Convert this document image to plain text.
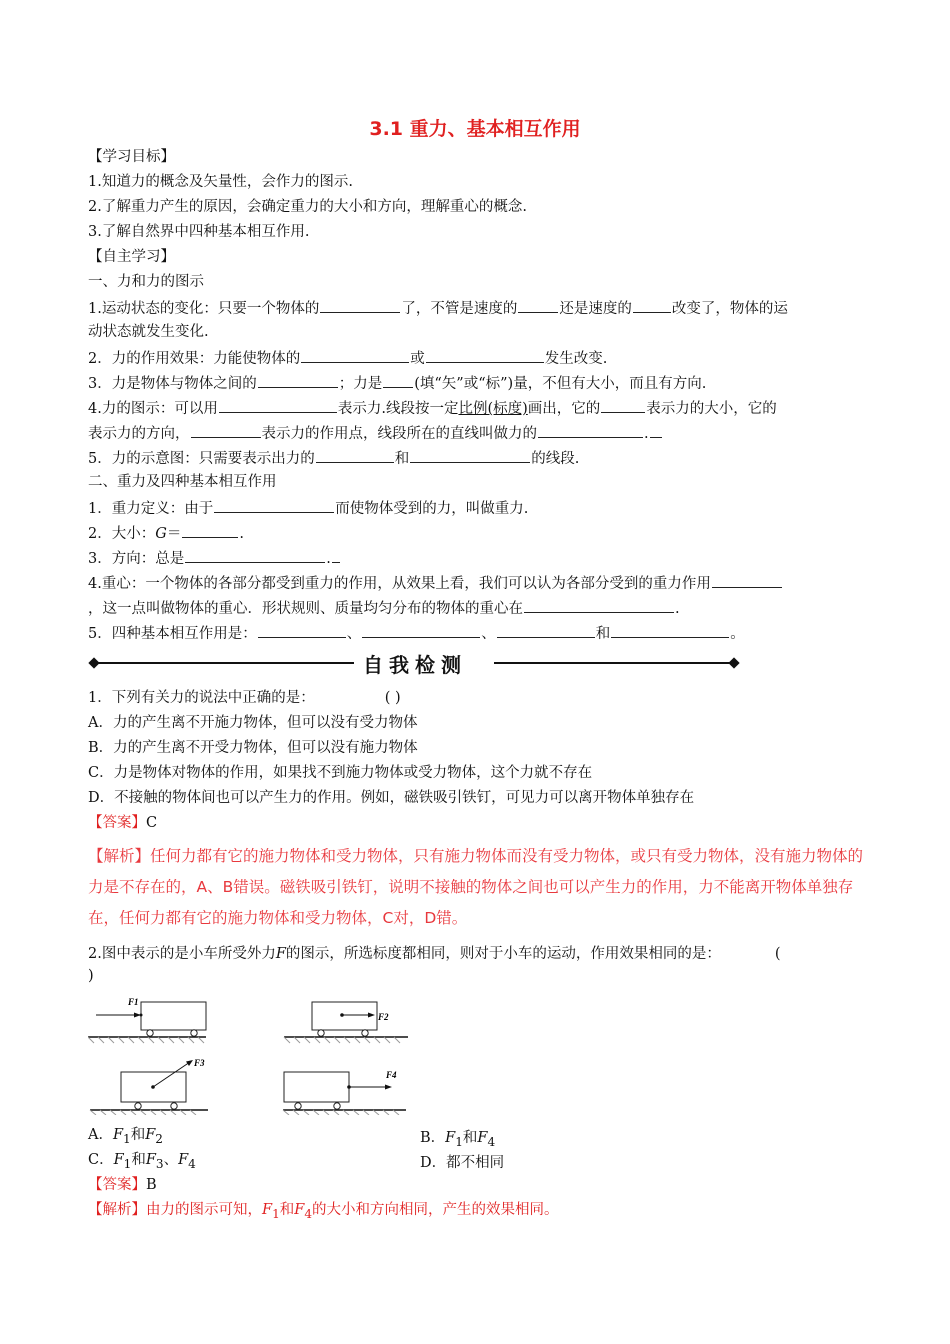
3.1 重力、基本相互作用
【学习目标】
1.知道力的概念及矢量性，会作力的图示.
2.了解重力产生的原因，会确定重力的大小和方向，理解重心的概念.
3.了解自然界中四种基本相互作用.
【自主学习】
一、力和力的图示
1.运动状态的变化：只要一个物体的	了，不管是速度的	还是速度的	改变了，物体的运
动状态就发生变化.
2．力的作用效果：力能使物体的	或	发生改变.
3．力是物体与物体之间的	；力是 (填“矢”或“标”)量，不但有大小，而且有方向.
4.力的图示：可以用	表示力.线段按一定比例(标度)画出，它的	表示力的大小，它的
表示力的方向，	表示力的作用点，线段所在的直线叫做力的	.
5．力的示意图：只需要表示出力的	和	的线段.
二、重力及四种基本相互作用
1．重力定义：由于	而使物体受到的力，叫做重力.
2．大小：G＝	.
3．方向：总是	.
4.重心：一个物体的各部分都受到重力的作用，从效果上看，我们可以认为各部分受到的重力作用
，这一点叫做物体的重心．形状规则、质量均匀分布的物体的重心在	.
5．四种基本相互作用是：	、	、	和	。
自我检测
1．下列有关力的说法中正确的是：	( )
A．力的产生离不开施力物体，但可以没有受力物体
B．力的产生离不开受力物体，但可以没有施力物体
C．力是物体对物体的作用，如果找不到施力物体或受力物体，这个力就不存在
D．不接触的物体间也可以产生力的作用。例如，磁铁吸引铁钉，可见力可以离开物体单独存在
【答案】C
【解析】任何力都有它的施力物体和受力物体，只有施力物体而没有受力物体，或只有受力物体，没有施力物体的力是不存在的，A、B错误。磁铁吸引铁钉，说明不接触的物体之间也可以产生力的作用，力不能离开物体单独存在，任何力都有它的施力物体和受力物体，C对，D错。
2.图中表示的是小车所受外力F的图示，所选标度都相同，则对于小车的运动，作用效果相同的是：	(
)
F1
F2
F3
F4
A．$F_1$和$F_2$	B．$F_1$和$F_4$
C．$F_1$和$F_3$、$F_4$	D．都不相同
【答案】B
【解析】由力的图示可知，$F_1$和$F_4$的大小和方向相同，产生的效果相同。
